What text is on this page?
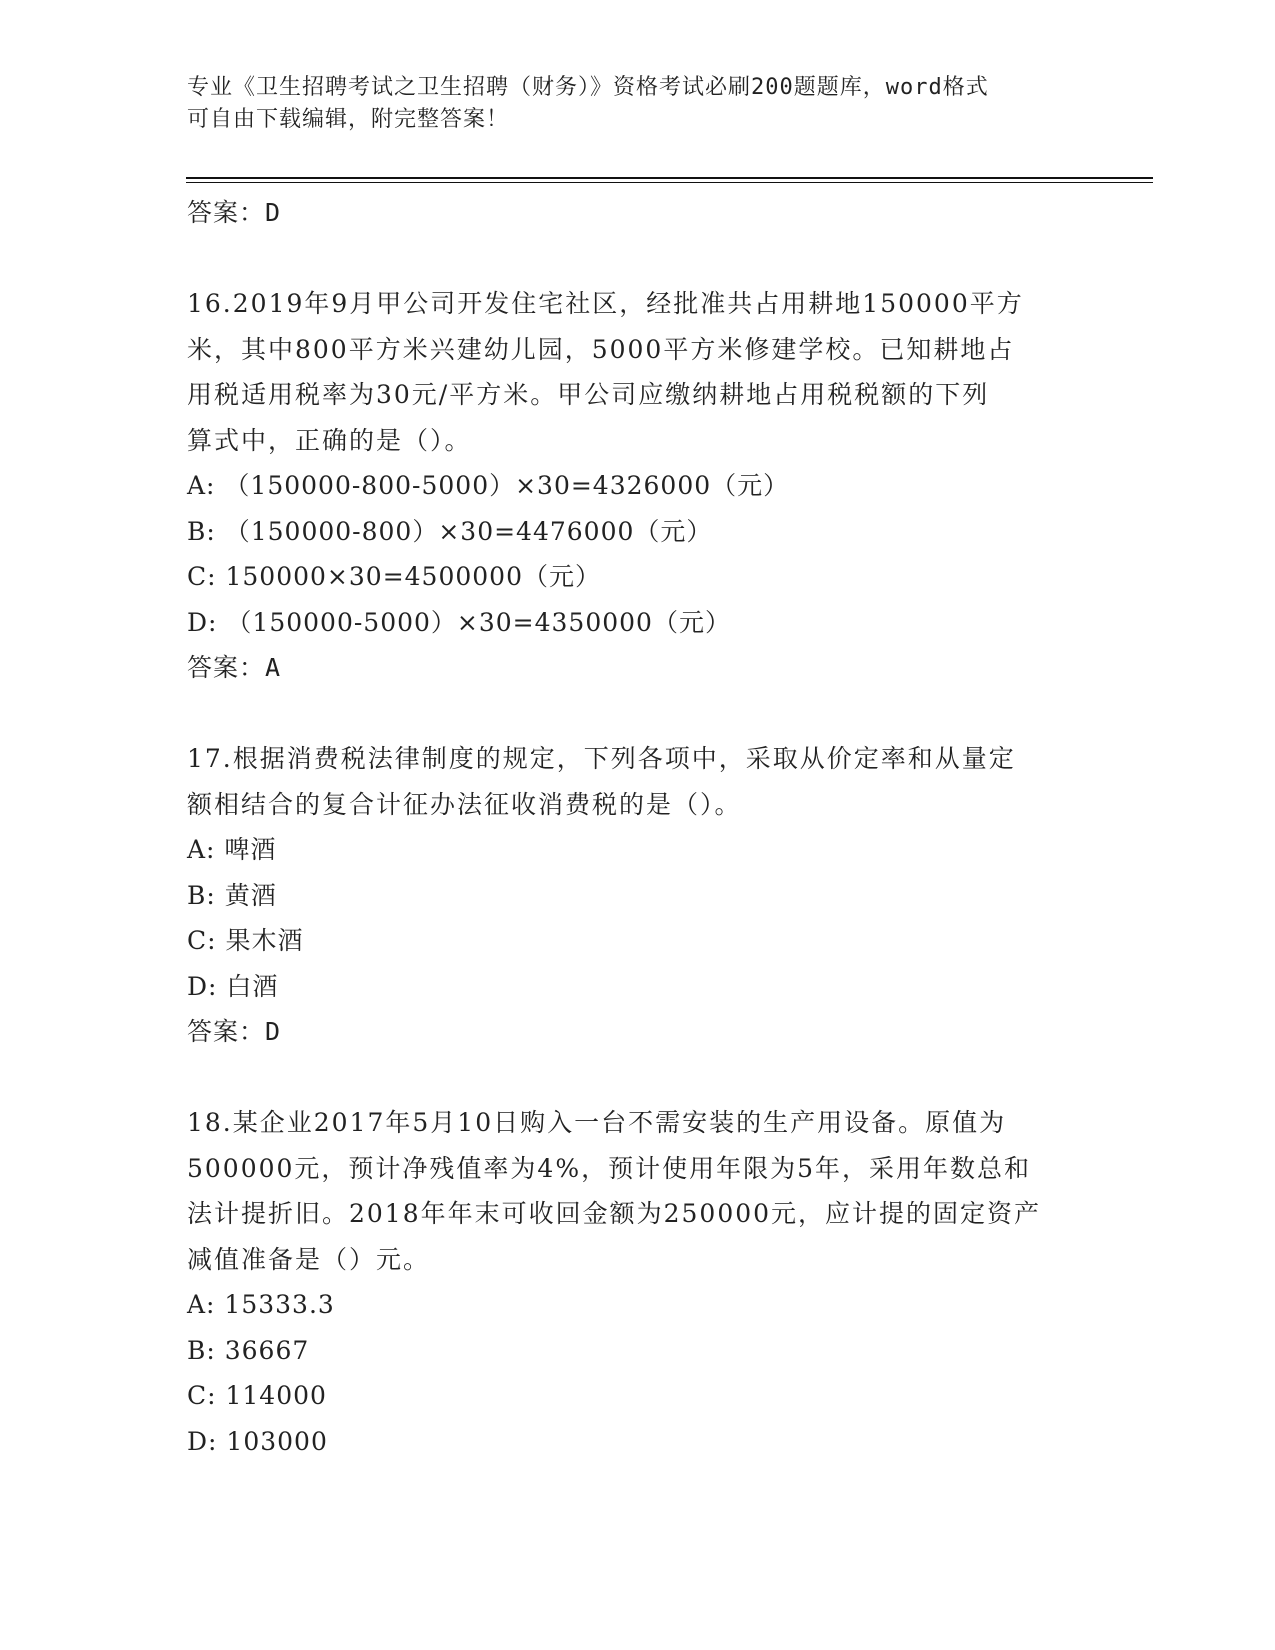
专业《卫生招聘考试之卫生招聘（财务）》资格考试必刷200题题库，word格式
可自由下载编辑，附完整答案！
答案：D
16.2019年9月甲公司开发住宅社区，经批准共占用耕地150000平方
米，其中800平方米兴建幼儿园，5000平方米修建学校。已知耕地占
用税适用税率为30元/平方米。甲公司应缴纳耕地占用税税额的下列
算式中，正确的是（）。
A: （150000-800-5000）×30=4326000（元）
B: （150000-800）×30=4476000（元）
C: 150000×30=4500000（元）
D: （150000-5000）×30=4350000（元）
答案：A
17.根据消费税法律制度的规定，下列各项中，采取从价定率和从量定
额相结合的复合计征办法征收消费税的是（）。
A: 啤酒
B: 黄酒
C: 果木酒
D: 白酒
答案：D
18.某企业2017年5月10日购入一台不需安装的生产用设备。原值为
500000元，预计净残值率为4%，预计使用年限为5年，采用年数总和
法计提折旧。2018年年末可收回金额为250000元，应计提的固定资产
减值准备是（）元。
A: 15333.3
B: 36667
C: 114000
D: 103000
